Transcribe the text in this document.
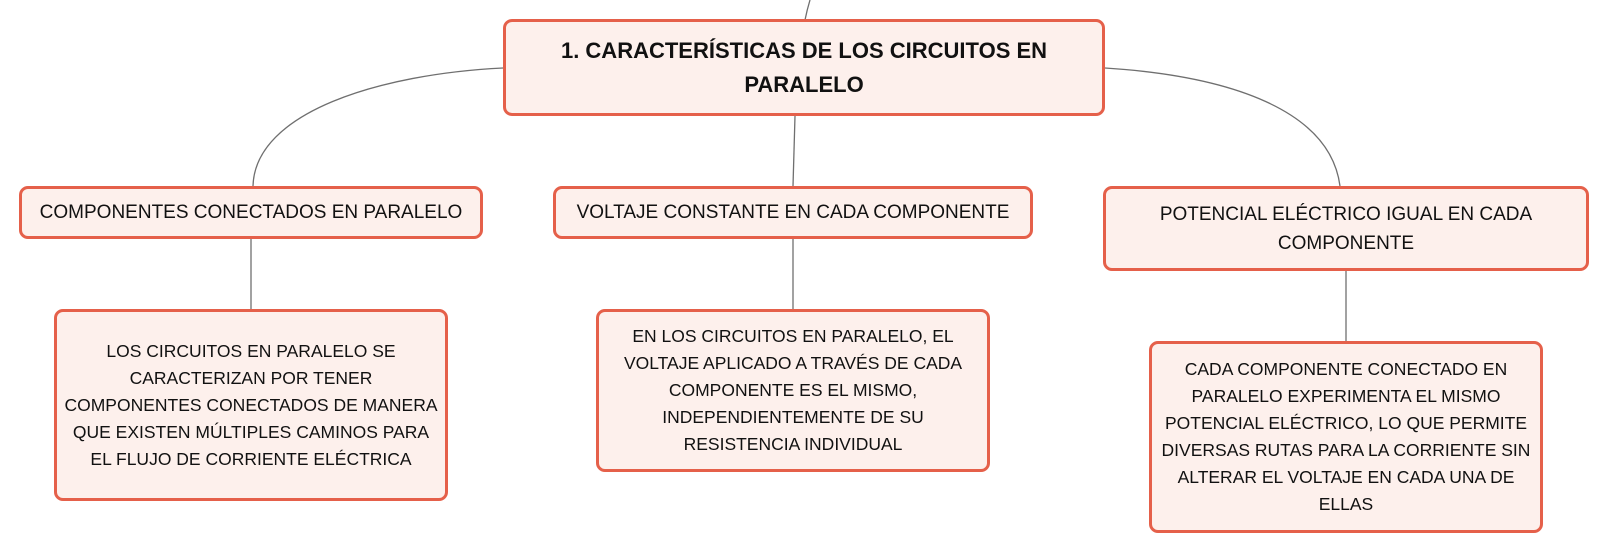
1. CARACTERÍSTICAS DE LOS CIRCUITOS EN PARALELO
COMPONENTES CONECTADOS EN PARALELO	VOLTAJE CONSTANTE EN CADA COMPONENTE	POTENCIAL ELÉCTRICO IGUAL EN CADA COMPONENTE
LOS CIRCUITOS EN PARALELO SE CARACTERIZAN POR TENER COMPONENTES CONECTADOS DE MANERA QUE EXISTEN MÚLTIPLES CAMINOS PARA EL FLUJO DE CORRIENTE ELÉCTRICA
EN LOS CIRCUITOS EN PARALELO, EL VOLTAJE APLICADO A TRAVÉS DE CADA COMPONENTE ES EL MISMO, INDEPENDIENTEMENTE DE SU RESISTENCIA INDIVIDUAL
CADA COMPONENTE CONECTADO EN PARALELO EXPERIMENTA EL MISMO POTENCIAL ELÉCTRICO, LO QUE PERMITE DIVERSAS RUTAS PARA LA CORRIENTE SIN ALTERAR EL VOLTAJE EN CADA UNA DE ELLAS
